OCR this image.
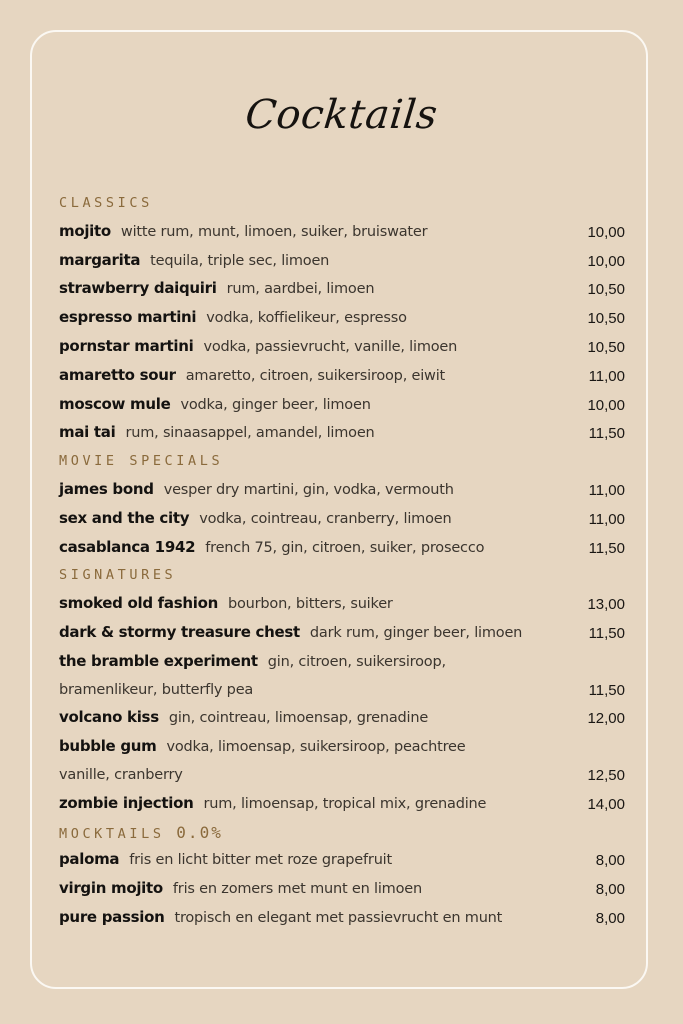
Cocktails
CLASSICS
mojito witte rum, munt, limoen, suiker, bruiswater	10,00
margarita tequila, triple sec, limoen	10,00
strawberry daiquiri rum, aardbei, limoen	10,50
espresso martini vodka, koffielikeur, espresso	10,50
pornstar martini vodka, passievrucht, vanille, limoen	10,50
amaretto sour amaretto, citroen, suikersiroop, eiwit	11,00
moscow mule vodka, ginger beer, limoen	10,00
mai tai rum, sinaasappel, amandel, limoen	11,50
MOVIE SPECIALS
james bond vesper dry martini, gin, vodka, vermouth	11,00
sex and the city vodka, cointreau, cranberry, limoen	11,00
casablanca 1942 french 75, gin, citroen, suiker, prosecco	11,50
SIGNATURES
smoked old fashion bourbon, bitters, suiker	13,00
dark & stormy treasure chest dark rum, ginger beer, limoen	11,50
the bramble experiment gin, citroen, suikersiroop,
bramenlikeur, butterfly pea	11,50
volcano kiss gin, cointreau, limoensap, grenadine	12,00
bubble gum vodka, limoensap, suikersiroop, peachtree
vanille, cranberry	12,50
zombie injection rum, limoensap, tropical mix, grenadine	14,00
MOCKTAILS 0.0%
paloma fris en licht bitter met roze grapefruit	8,00
virgin mojito fris en zomers met munt en limoen	8,00
pure passion tropisch en elegant met passievrucht en munt	8,00
